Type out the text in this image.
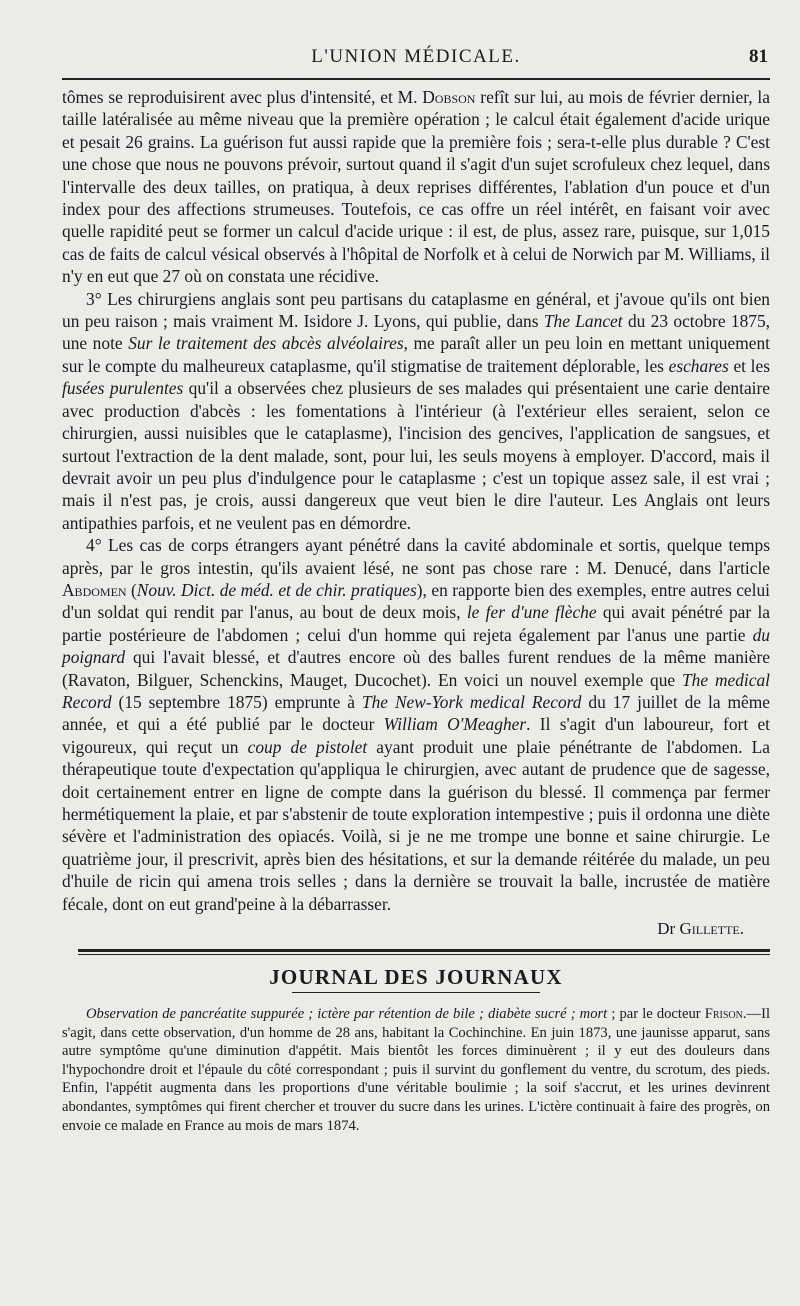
L'UNION MÉDICALE.	81

tômes se reproduisirent avec plus d'intensité, et M. Dobson refît sur lui, au mois de février dernier, la taille latéralisée au même niveau que la première opération ; le calcul était également d'acide urique et pesait 26 grains. La guérison fut aussi rapide que la première fois ; sera-t-elle plus durable ? C'est une chose que nous ne pouvons prévoir, surtout quand il s'agit d'un sujet scrofuleux chez lequel, dans l'intervalle des deux tailles, on pratiqua, à deux reprises différentes, l'ablation d'un pouce et d'un index pour des affections strumeuses. Toutefois, ce cas offre un réel intérêt, en faisant voir avec quelle rapidité peut se former un calcul d'acide urique : il est, de plus, assez rare, puisque, sur 1,015 cas de faits de calcul vésical observés à l'hôpital de Norfolk et à celui de Norwich par M. Williams, il n'y en eut que 27 où on constata une récidive.

3° Les chirurgiens anglais sont peu partisans du cataplasme en général, et j'avoue qu'ils ont bien un peu raison ; mais vraiment M. Isidore J. Lyons, qui publie, dans The Lancet du 23 octobre 1875, une note Sur le traitement des abcès alvéolaires, me paraît aller un peu loin en mettant uniquement sur le compte du malheureux cataplasme, qu'il stigmatise de traitement déplorable, les eschares et les fusées purulentes qu'il a observées chez plusieurs de ses malades qui présentaient une carie dentaire avec production d'abcès : les fomentations à l'intérieur (à l'extérieur elles seraient, selon ce chirurgien, aussi nuisibles que le cataplasme), l'incision des gencives, l'application de sangsues, et surtout l'extraction de la dent malade, sont, pour lui, les seuls moyens à employer. D'accord, mais il devrait avoir un peu plus d'indulgence pour le cataplasme ; c'est un topique assez sale, il est vrai ; mais il n'est pas, je crois, aussi dangereux que veut bien le dire l'auteur. Les Anglais ont leurs antipathies parfois, et ne veulent pas en démordre.

4° Les cas de corps étrangers ayant pénétré dans la cavité abdominale et sortis, quelque temps après, par le gros intestin, qu'ils avaient lésé, ne sont pas chose rare : M. Denucé, dans l'article Abdomen (Nouv. Dict. de méd. et de chir. pratiques), en rapporte bien des exemples, entre autres celui d'un soldat qui rendit par l'anus, au bout de deux mois, le fer d'une flèche qui avait pénétré par la partie postérieure de l'abdomen ; celui d'un homme qui rejeta également par l'anus une partie du poignard qui l'avait blessé, et d'autres encore où des balles furent rendues de la même manière (Ravaton, Bilguer, Schenckins, Mauget, Ducochet). En voici un nouvel exemple que The medical Record (15 septembre 1875) emprunte à The New-York medical Record du 17 juillet de la même année, et qui a été publié par le docteur William O'Meagher. Il s'agit d'un laboureur, fort et vigoureux, qui reçut un coup de pistolet ayant produit une plaie pénétrante de l'abdomen. La thérapeutique toute d'expectation qu'appliqua le chirurgien, avec autant de prudence que de sagesse, doit certainement entrer en ligne de compte dans la guérison du blessé. Il commença par fermer hermétiquement la plaie, et par s'abstenir de toute exploration intempestive ; puis il ordonna une diète sévère et l'administration des opiacés. Voilà, si je ne me trompe une bonne et saine chirurgie. Le quatrième jour, il prescrivit, après bien des hésitations, et sur la demande réitérée du malade, un peu d'huile de ricin qui amena trois selles ; dans la dernière se trouvait la balle, incrustée de matière fécale, dont on eut grand'peine à la débarrasser.

Dr Gillette.
JOURNAL DES JOURNAUX

Observation de pancréatite suppurée ; ictère par rétention de bile ; diabète sucré ; mort ; par le docteur Frison.—Il s'agit, dans cette observation, d'un homme de 28 ans, habitant la Cochinchine. En juin 1873, une jaunisse apparut, sans autre symptôme qu'une diminution d'appétit. Mais bientôt les forces diminuèrent ; il y eut des douleurs dans l'hypochondre droit et l'épaule du côté correspondant ; puis il survint du gonflement du ventre, du scrotum, des pieds. Enfin, l'appétit augmenta dans les proportions d'une véritable boulimie ; la soif s'accrut, et les urines devinrent abondantes, symptômes qui firent chercher et trouver du sucre dans les urines. L'ictère continuait à faire des progrès, on envoie ce malade en France au mois de mars 1874.
